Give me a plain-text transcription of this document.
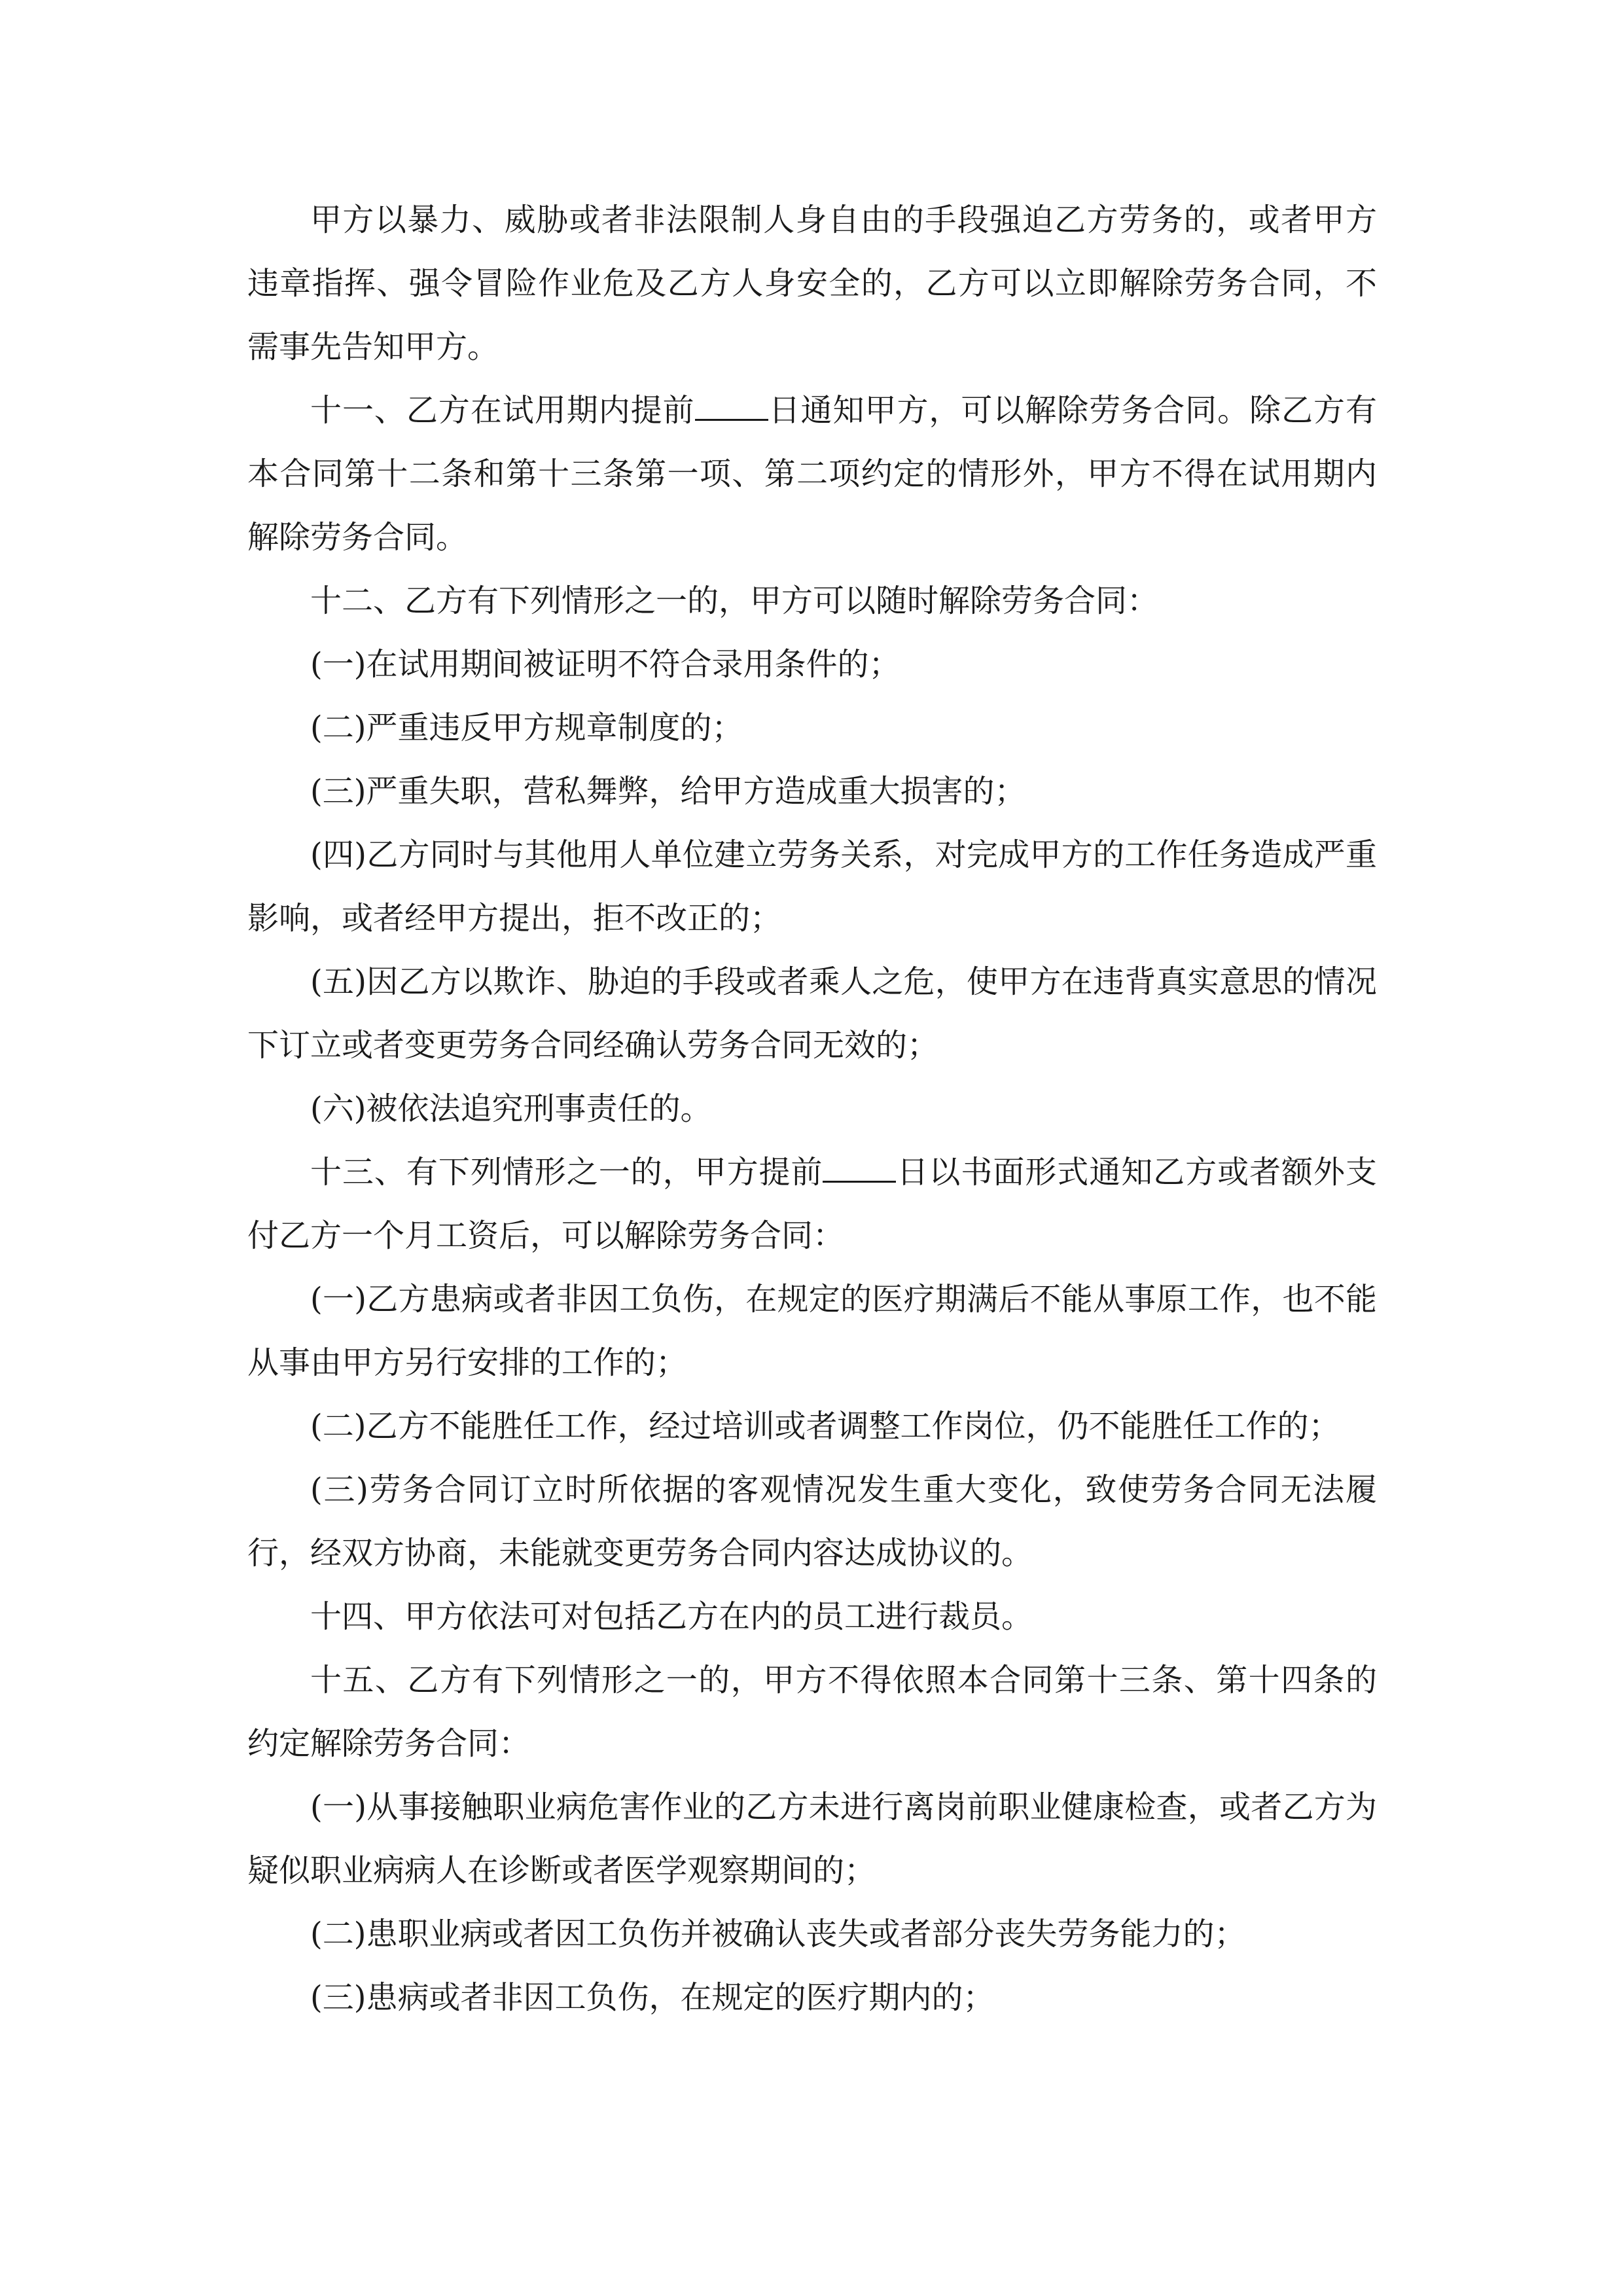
甲方以暴力、威胁或者非法限制人身自由的手段强迫乙方劳务的，或者甲方违章指挥、强令冒险作业危及乙方人身安全的，乙方可以立即解除劳务合同，不需事先告知甲方。

十一、乙方在试用期内提前 日通知甲方，可以解除劳务合同。除乙方有本合同第十二条和第十三条第一项、第二项约定的情形外，甲方不得在试用期内解除劳务合同。

十二、乙方有下列情形之一的，甲方可以随时解除劳务合同：

(一)在试用期间被证明不符合录用条件的；

(二)严重违反甲方规章制度的；

(三)严重失职，营私舞弊，给甲方造成重大损害的；

(四)乙方同时与其他用人单位建立劳务关系，对完成甲方的工作任务造成严重影响，或者经甲方提出，拒不改正的；

(五)因乙方以欺诈、胁迫的手段或者乘人之危，使甲方在违背真实意思的情况下订立或者变更劳务合同经确认劳务合同无效的；

(六)被依法追究刑事责任的。

十三、有下列情形之一的，甲方提前 日以书面形式通知乙方或者额外支付乙方一个月工资后，可以解除劳务合同：

(一)乙方患病或者非因工负伤，在规定的医疗期满后不能从事原工作，也不能从事由甲方另行安排的工作的；

(二)乙方不能胜任工作，经过培训或者调整工作岗位，仍不能胜任工作的；

(三)劳务合同订立时所依据的客观情况发生重大变化，致使劳务合同无法履行，经双方协商，未能就变更劳务合同内容达成协议的。

十四、甲方依法可对包括乙方在内的员工进行裁员。

十五、乙方有下列情形之一的，甲方不得依照本合同第十三条、第十四条的约定解除劳务合同：

(一)从事接触职业病危害作业的乙方未进行离岗前职业健康检查，或者乙方为疑似职业病病人在诊断或者医学观察期间的；

(二)患职业病或者因工负伤并被确认丧失或者部分丧失劳务能力的；

(三)患病或者非因工负伤，在规定的医疗期内的；
